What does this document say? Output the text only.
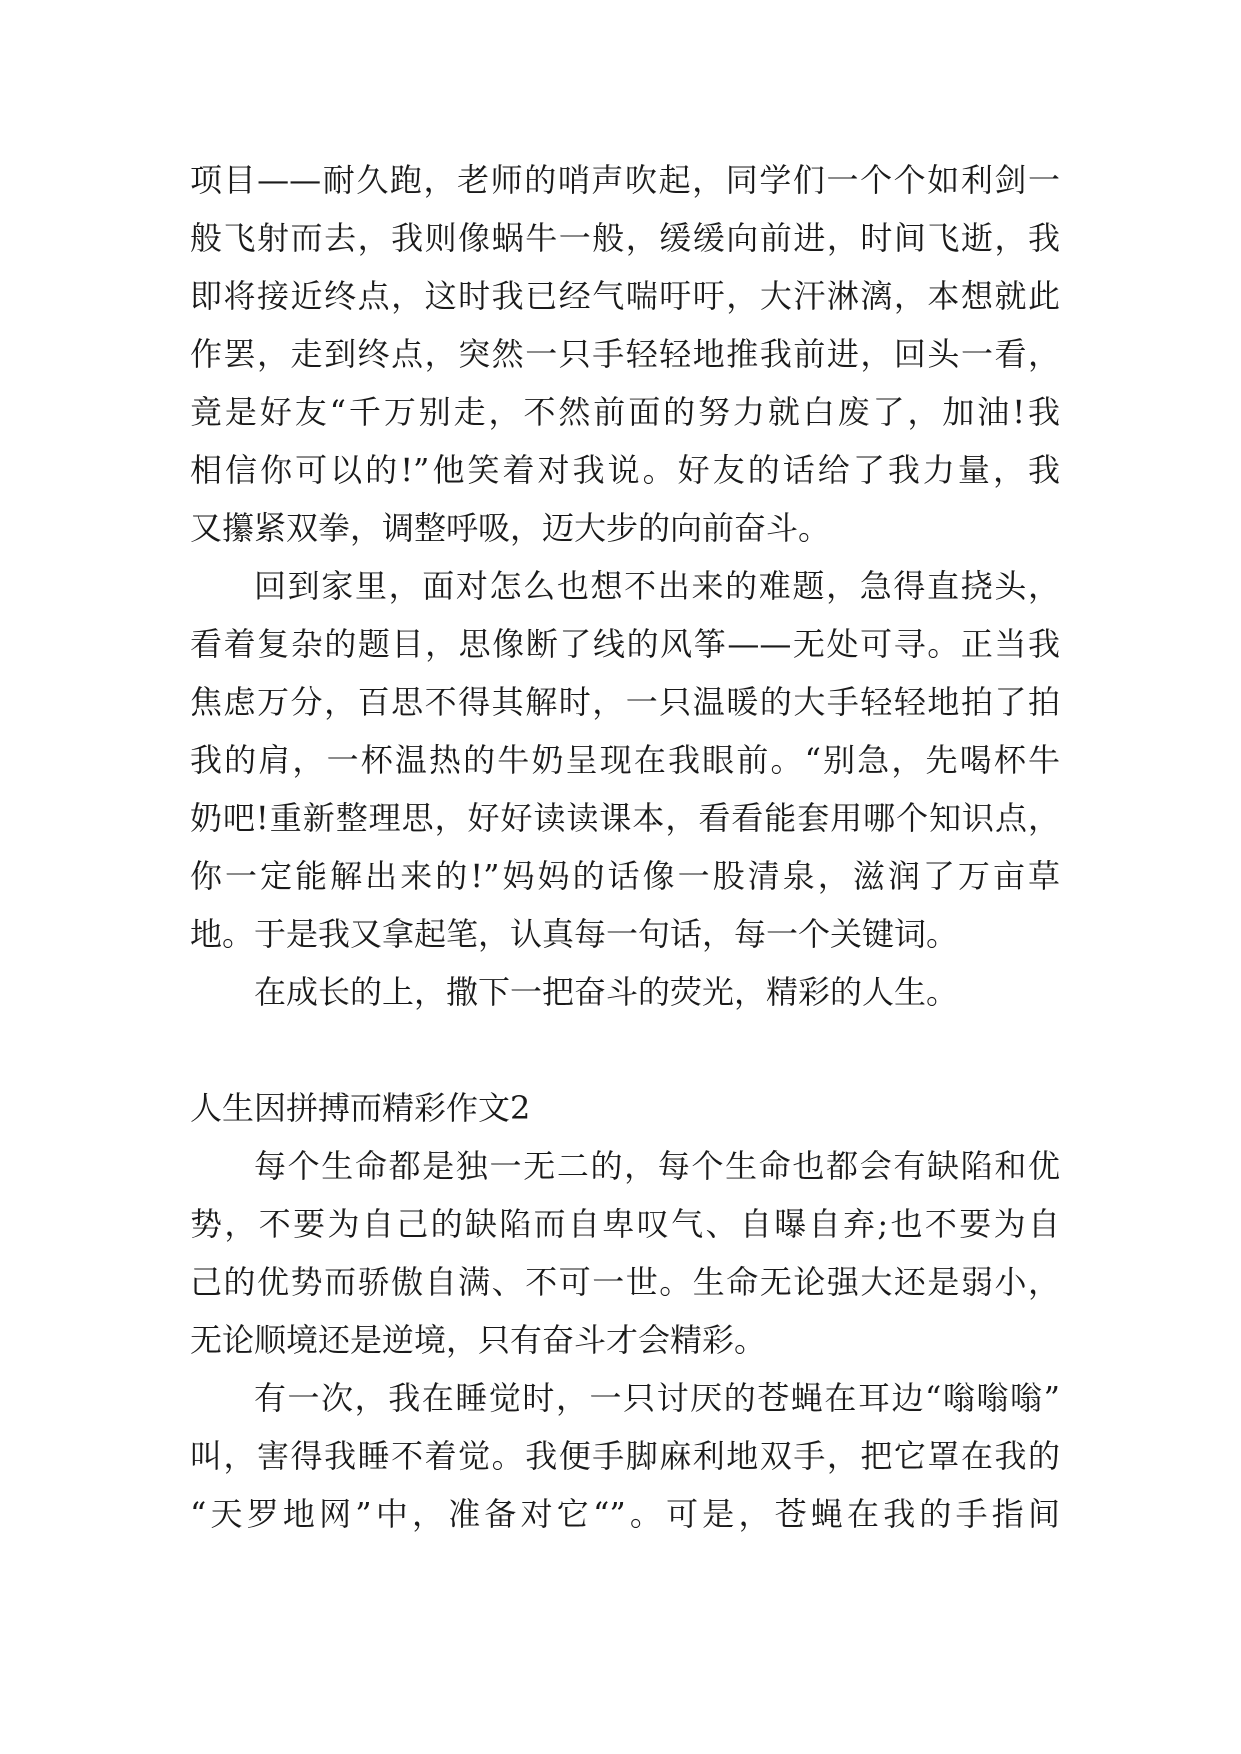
项目——耐久跑，老师的哨声吹起，同学们一个个如利剑一
般飞射而去，我则像蜗牛一般，缓缓向前进，时间飞逝，我
即将接近终点，这时我已经气喘吁吁，大汗淋漓，本想就此
作罢，走到终点，突然一只手轻轻地推我前进，回头一看，
竟是好友“千万别走，不然前面的努力就白废了，加油!我
相信你可以的!”他笑着对我说。好友的话给了我力量，我
又攥紧双拳，调整呼吸，迈大步的向前奋斗。
回到家里，面对怎么也想不出来的难题，急得直挠头，
看着复杂的题目，思像断了线的风筝——无处可寻。正当我
焦虑万分，百思不得其解时，一只温暖的大手轻轻地拍了拍
我的肩，一杯温热的牛奶呈现在我眼前。“别急，先喝杯牛
奶吧!重新整理思，好好读读课本，看看能套用哪个知识点，
你一定能解出来的!”妈妈的话像一股清泉，滋润了万亩草
地。于是我又拿起笔，认真每一句话，每一个关键词。
在成长的上，撒下一把奋斗的荧光，精彩的人生。
人生因拼搏而精彩作文2
每个生命都是独一无二的，每个生命也都会有缺陷和优
势，不要为自己的缺陷而自卑叹气、自曝自弃;也不要为自
己的优势而骄傲自满、不可一世。生命无论强大还是弱小，
无论顺境还是逆境，只有奋斗才会精彩。
有一次，我在睡觉时，一只讨厌的苍蝇在耳边“嗡嗡嗡”
叫，害得我睡不着觉。我便手脚麻利地双手，把它罩在我的
“天罗地网”中，准备对它“”。可是，苍蝇在我的手指间
